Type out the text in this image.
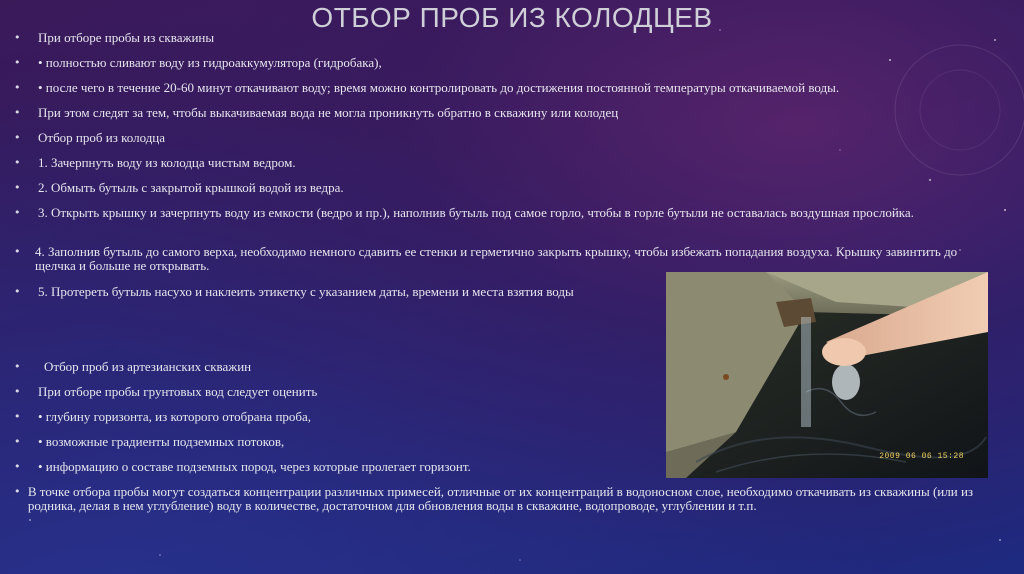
ОТБОР ПРОБ ИЗ КОЛОДЦЕВ
•	При отборе пробы из скважины
•	• полностью сливают воду из гидроаккумулятора (гидробака),
•	• после чего в течение 20-60 минут откачивают воду; время можно контролировать до достижения постоянной температуры откачиваемой воды.
•	При этом следят за тем, чтобы выкачиваемая вода не могла проникнуть обратно в скважину или колодец
•	Отбор проб из колодца
•	1. Зачерпнуть воду из колодца чистым ведром.
•	2. Обмыть бутыль с закрытой крышкой водой из ведра.
•	3. Открыть крышку и зачерпнуть воду из емкости (ведро и пр.), наполнив бутыль под самое горло, чтобы в горле бутыли не оставалась воздушная прослойка.
•	4. Заполнив бутыль до самого верха, необходимо немного сдавить ее стенки и герметично закрыть крышку, чтобы избежать попадания воздуха. Крышку завинтить до щелчка и больше не открывать.
•	5. Протереть бутыль насухо и наклеить этикетку с указанием даты, времени и места взятия воды
•	Отбор проб из артезианских скважин
•	При отборе пробы грунтовых вод следует оценить
•	• глубину горизонта, из которого отобрана проба,
•	• возможные градиенты подземных потоков,
•	• информацию о составе подземных пород, через которые пролегает горизонт.
• В точке отбора пробы могут создаться концентрации различных примесей, отличные от их концентраций в водоносном слое, необходимо откачивать из скважины (или из родника, делая в нем углубление) воду в количестве, достаточном для обновления воды в скважине, водопроводе, углублении и т.п.
2009 06 06 15:28
